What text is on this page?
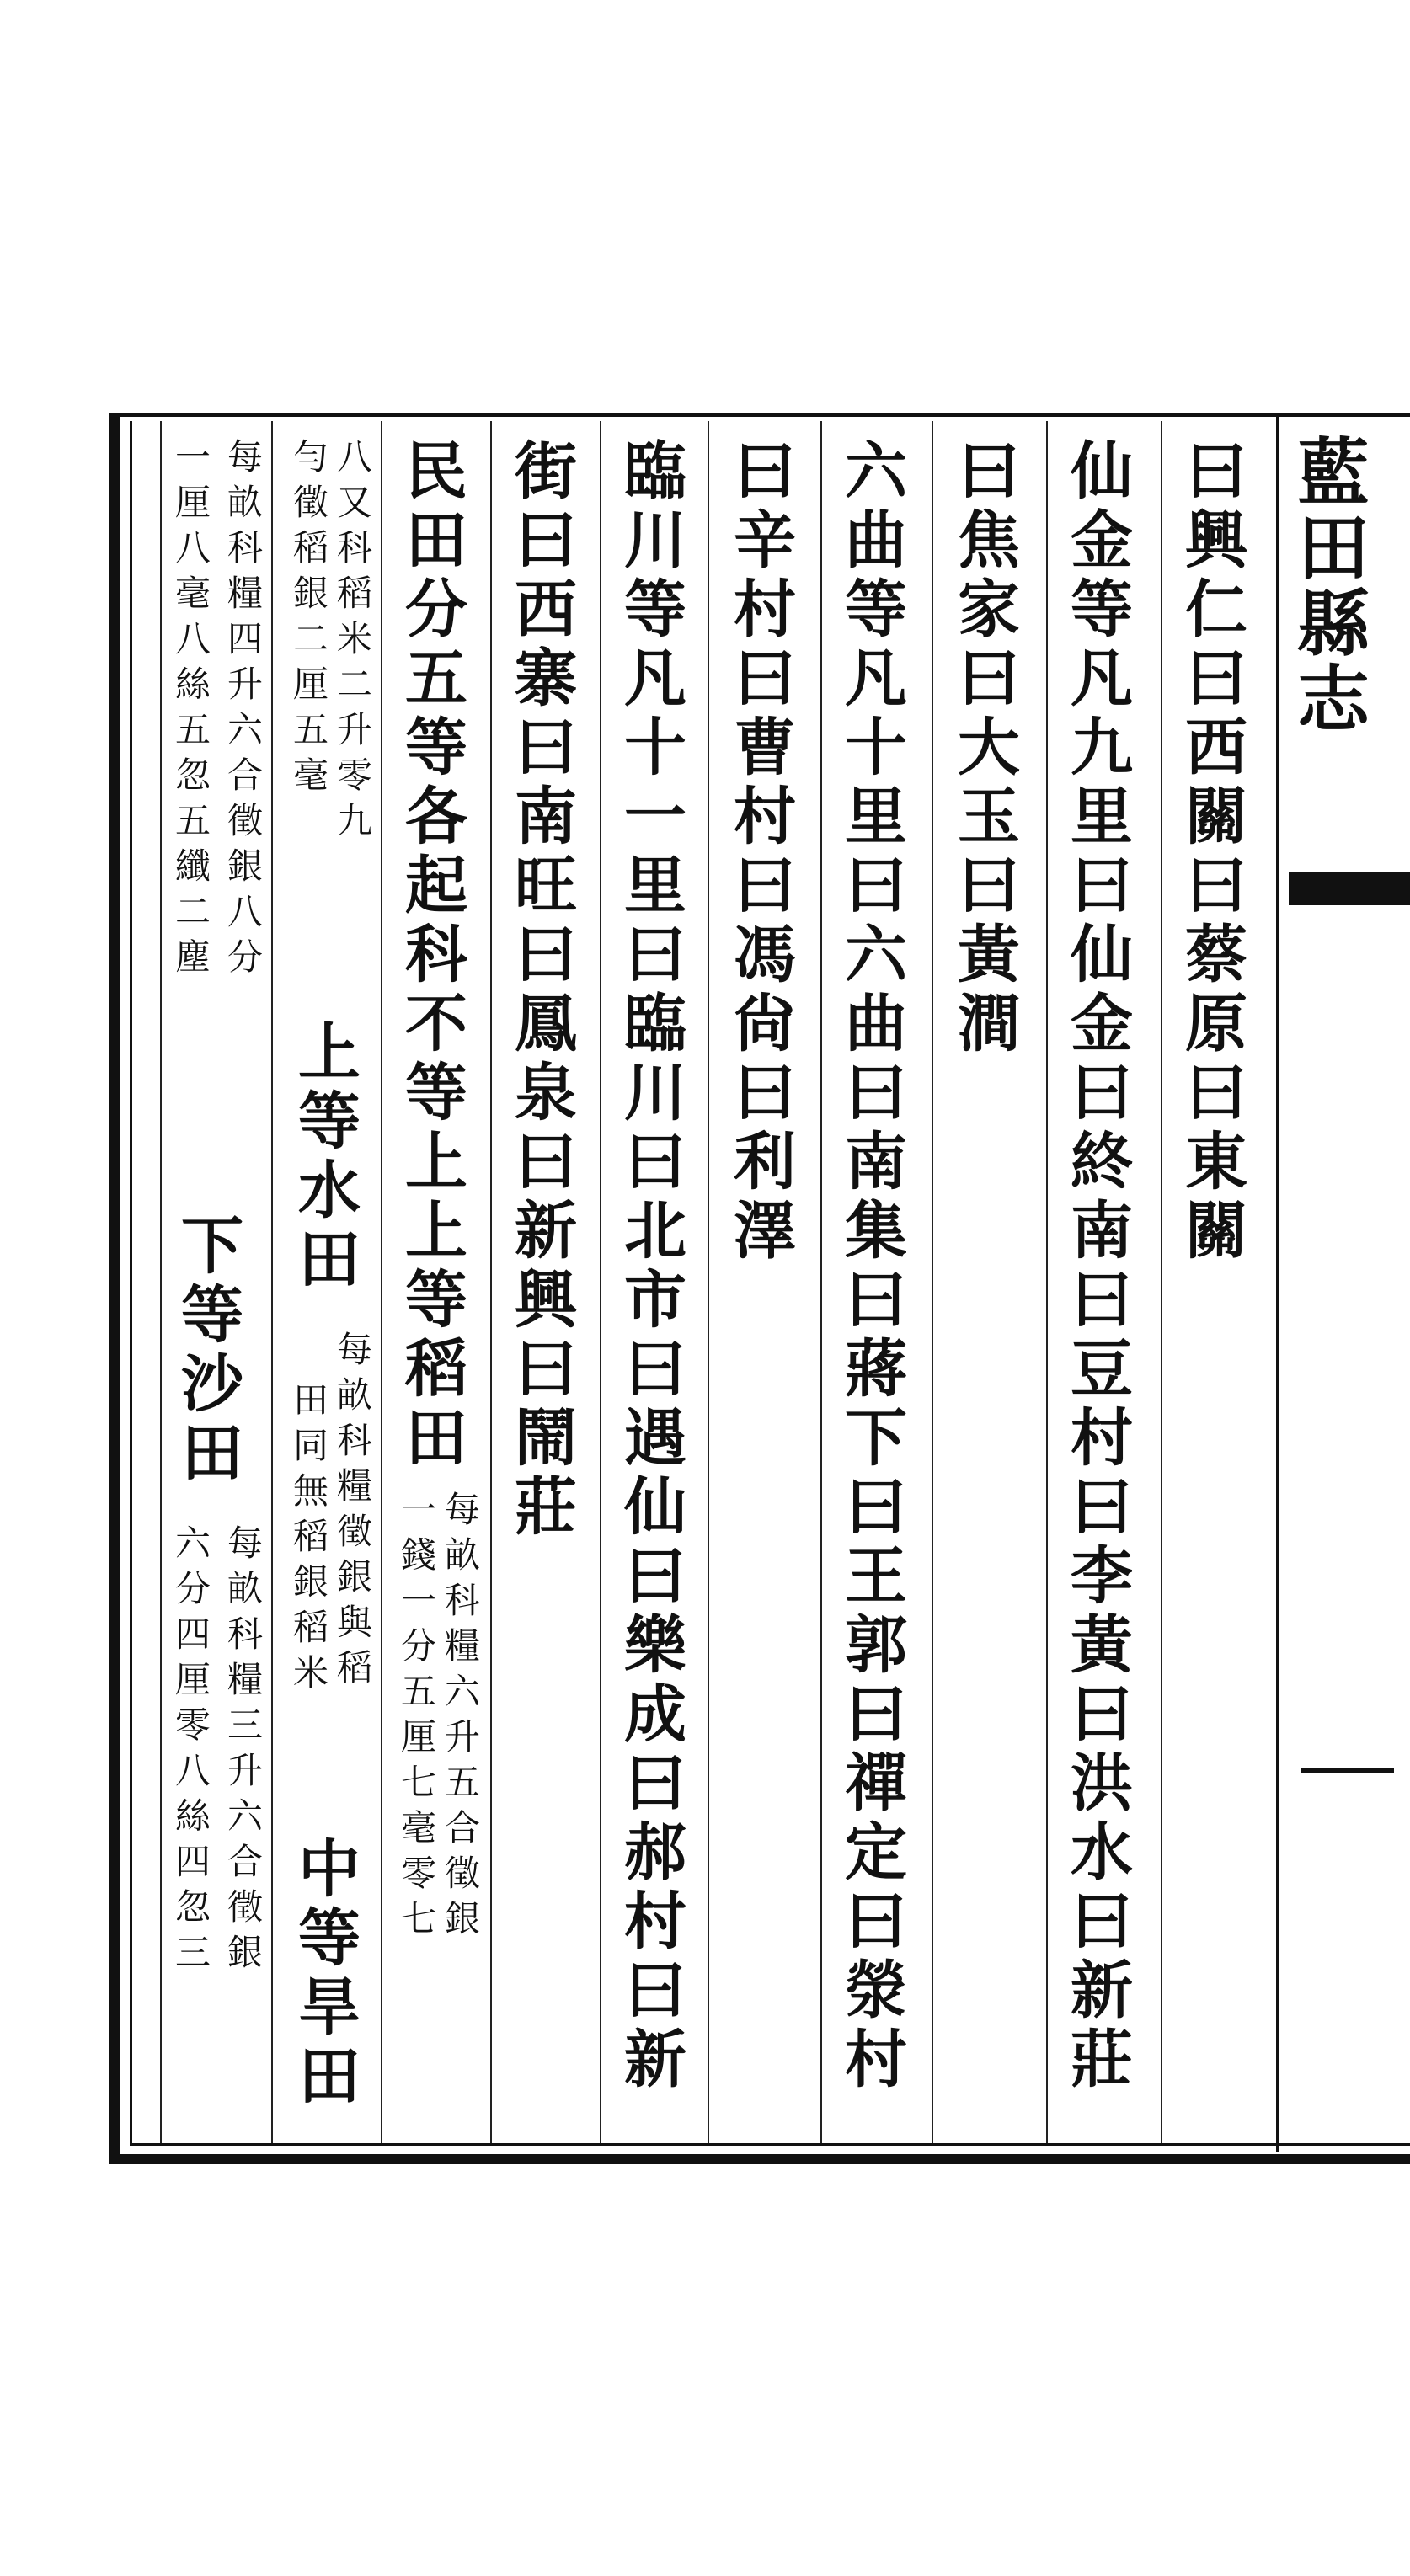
藍田縣志
曰興仁曰西關曰蔡原曰東關
仙金等凡九里曰仙金曰終南曰豆村曰李黃曰洪水曰新莊
曰焦家曰大玉曰黃澗
六曲等凡十里曰六曲曰南集曰蔣下曰王郭曰禪定曰滎村
曰辛村曰曹村曰馮尙曰利澤
臨川等凡十一里曰臨川曰北市曰遇仙曰樂成曰郝村曰新
街曰西寨曰南旺曰鳳泉曰新興曰鬧莊
民田分五等各起科不等上上等稻田
每畝科糧六升五合徵銀
一錢一分五厘七毫零七
八又科稻米二升零九
勻徵稻銀二厘五毫
上等水田
每畝科糧徵銀與稻
田同無稻銀稻米
中等旱田
每畝科糧四升六合徵銀八分
一厘八毫八絲五忽五纖二塵
下等沙田
每畝科糧三升六合徵銀
六分四厘零八絲四忽三
